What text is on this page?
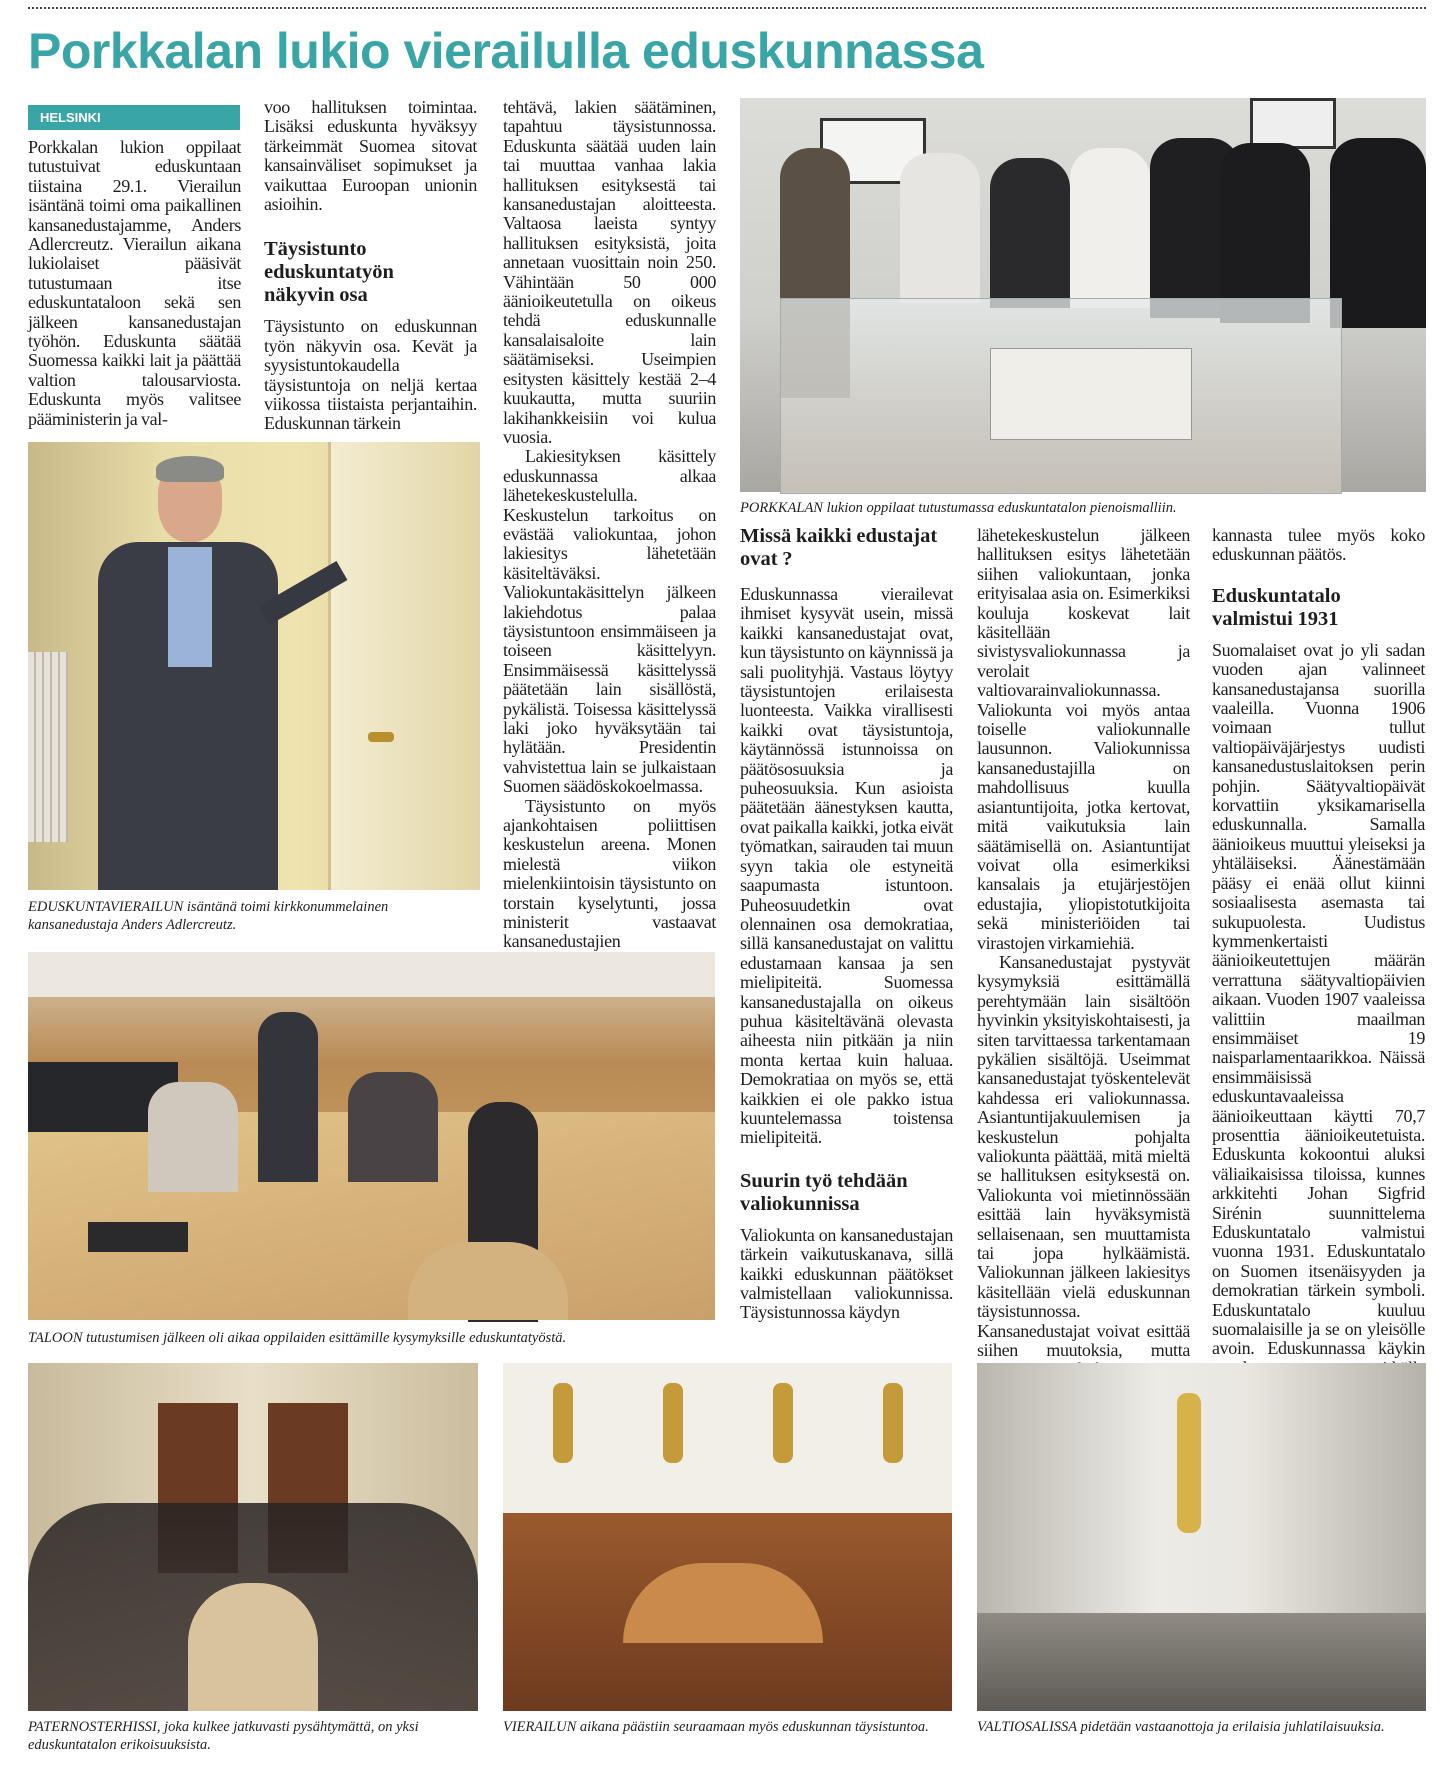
Porkkalan lukio vierailulla eduskunnassa
HELSINKI

Porkkalan lukion oppilaat tutustuivat eduskuntaan tiistaina 29.1. Vierailun isäntänä toimi oma paikallinen kansanedustajamme, Anders Adlercreutz. Vierailun aikana lukiolaiset pääsivät tutustumaan itse eduskuntataloon sekä sen jälkeen kansanedustajan työhön. Eduskunta säätää Suomessa kaikki lait ja päättää valtion talousarviosta. Eduskunta myös valitsee pääministerin ja val-

voo hallituksen toimintaa. Lisäksi eduskunta hyväksyy tärkeimmät Suomea sitovat kansainväliset sopimukset ja vaikuttaa Euroopan unionin asioihin.

Täysistunto eduskuntatyön näkyvin osa

Täysistunto on eduskunnan työn näkyvin osa. Kevät ja syysistuntokaudella täysistuntoja on neljä kertaa viikossa tiistaista perjantaihin. Eduskunnan tärkein

tehtävä, lakien säätäminen, tapahtuu täysistunnossa. Eduskunta säätää uuden lain tai muuttaa vanhaa lakia hallituksen esityksestä tai kansanedustajan aloitteesta. Valtaosa laeista syntyy hallituksen esityksistä, joita annetaan vuosittain noin 250. Vähintään 50 000 äänioikeutetulla on oikeus tehdä eduskunnalle kansalaisaloite lain säätämiseksi. Useimpien esitysten käsittely kestää 2–4 kuukautta, mutta suuriin lakihankkeisiin voi kulua vuosia.

Lakiesityksen käsittely eduskunnassa alkaa lähetekeskustelulla. Keskustelun tarkoitus on evästää valiokuntaa, johon lakiesitys lähetetään käsiteltäväksi. Valiokuntakäsittelyn jälkeen lakiehdotus palaa täysistuntoon ensimmäiseen ja toiseen käsittelyyn. Ensimmäisessä käsittelyssä päätetään lain sisällöstä, pykälistä. Toisessa käsittelyssä laki joko hyväksytään tai hylätään. Presidentin vahvistettua lain se julkaistaan Suomen säädöskokoelmassa.

Täysistunto on myös ajankohtaisen poliittisen keskustelun areena. Monen mielestä viikon mielenkiintoisin täysistunto on torstain kyselytunti, jossa ministerit vastaavat kansanedustajien

EDUSKUNTAVIERAILUN isäntänä toimi kirkkonummelainen kansanedustaja Anders Adlercreutz.
PORKKALAN lukion oppilaat tutustumassa eduskuntatalon pienoismalliin.
Missä kaikki edustajat ovat ?

Eduskunnassa vierailevat ihmiset kysyvät usein, missä kaikki kansanedustajat ovat, kun täysistunto on käynnissä ja sali puolityhjä. Vastaus löytyy täysistuntojen erilaisesta luonteesta. Vaikka virallisesti kaikki ovat täysistuntoja, käytännössä istunnoissa on päätösosuuksia ja puheosuuksia. Kun asioista päätetään äänestyksen kautta, ovat paikalla kaikki, jotka eivät työmatkan, sairauden tai muun syyn takia ole estyneitä saapumasta istuntoon. Puheosuudetkin ovat olennainen osa demokratiaa, sillä kansanedustajat on valittu edustamaan kansaa ja sen mielipiteitä. Suomessa kansanedustajalla on oikeus puhua käsiteltävänä olevasta aiheesta niin pitkään ja niin monta kertaa kuin haluaa. Demokratiaa on myös se, että kaikkien ei ole pakko istua kuuntelemassa toistensa mielipiteitä.

Suurin työ tehdään valiokunnissa

Valiokunta on kansanedustajan tärkein vaikutuskanava, sillä kaikki eduskunnan päätökset valmistellaan valiokunnissa. Täysistunnossa käydyn

lähetekeskustelun jälkeen hallituksen esitys lähetetään siihen valiokuntaan, jonka erityisalaa asia on. Esimerkiksi kouluja koskevat lait käsitellään sivistysvaliokunnassa ja verolait valtiovarainvaliokunnassa. Valiokunta voi myös antaa toiselle valiokunnalle lausunnon. Valiokunnissa kansanedustajilla on mahdollisuus kuulla asiantuntijoita, jotka kertovat, mitä vaikutuksia lain säätämisellä on. Asiantuntijat voivat olla esimerkiksi kansalais ja etujärjestöjen edustajia, yliopistotutkijoita sekä ministeriöiden tai virastojen virkamiehiä.

Kansanedustajat pystyvät kysymyksiä esittämällä perehtymään lain sisältöön hyvinkin yksityiskohtaisesti, ja siten tarvittaessa tarkentamaan pykälien sisältöjä. Useimmat kansanedustajat työskentelevät kahdessa eri valiokunnassa. Asiantuntijakuulemisen ja keskustelun pohjalta valiokunta päättää, mitä mieltä se hallituksen esityksestä on. Valiokunta voi mietinnössään esittää lain hyväksymistä sellaisenaan, sen muuttamista tai jopa hylkäämistä. Valiokunnan jälkeen lakiesitys käsitellään vielä eduskunnan täysistunnossa. Kansanedustajat voivat esittää siihen muutoksia, mutta

kannasta tulee myös koko eduskunnan päätös.

Eduskuntatalo valmistui 1931

Suomalaiset ovat jo yli sadan vuoden ajan valinneet kansanedustajansa suorilla vaaleilla. Vuonna 1906 voimaan tullut valtiopäiväjärjestys uudisti kansanedustuslaitoksen perin pohjin. Säätyvaltiopäivät korvattiin yksikamarisella eduskunnalla. Samalla äänioikeus muuttui yleiseksi ja yhtäläiseksi. Äänestämään pääsy ei enää ollut kiinni sosiaalisesta asemasta tai sukupuolesta. Uudistus kymmenkertaisti äänioikeutettujen määrän verrattuna säätyvaltiopäivien aikaan. Vuoden 1907 vaaleissa valittiin maailman ensimmäiset 19 naisparlamentaarikkoa. Näissä ensimmäisissä eduskuntavaaleissa äänioikeuttaan käytti 70,7 prosenttia äänioikeutetuista. Eduskunta kokoontui aluksi väliaikaisissa tiloissa, kunnes arkkitehti Johan Sigfrid Sirénin suunnittelema Eduskuntatalo valmistui vuonna 1931. Eduskuntatalo on Suomen itsenäisyyden ja demokratian tärkein symboli. Eduskuntatalo kuuluu suomalaisille ja se on yleisölle avoin. Eduskunnassa käykin

TALOON tutustumisen jälkeen oli aikaa oppilaiden esittämille kysymyksille eduskuntatyöstä.
PATERNOSTERHISSI, joka kulkee jatkuvasti pysähtymättä, on yksi eduskuntatalon erikoisuuksista.
VIERAILUN aikana päästiin seuraamaan myös eduskunnan täysistuntoa.	VALTIOSALISSA pidetään vastaanottoja ja erilaisia juhlatilaisuuksia.
